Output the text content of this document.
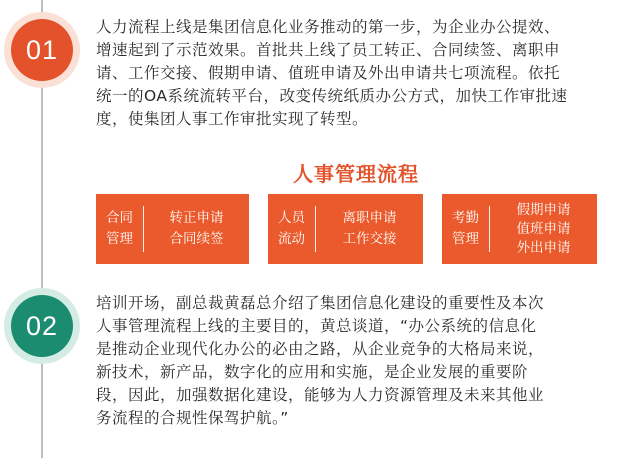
01

人力流程上线是集团信息化业务推动的第一步，为企业办公提效、
增速起到了示范效果。首批共上线了员工转正、合同续签、离职申
请、工作交接、假期申请、值班申请及外出申请共七项流程。依托
统一的OA系统流转平台，改变传统纸质办公方式，加快工作审批速
度，使集团人事工作审批实现了转型。

人事管理流程

合同
管理
转正申请
合同续签
人员
流动
离职申请
工作交接
考勤
管理
假期申请
值班申请
外出申请
02

培训开场，副总裁黄磊总介绍了集团信息化建设的重要性及本次
人事管理流程上线的主要目的，黄总谈道，“办公系统的信息化
是推动企业现代化办公的必由之路，从企业竞争的大格局来说，
新技术，新产品，数字化的应用和实施，是企业发展的重要阶
段，因此，加强数据化建设，能够为人力资源管理及未来其他业
务流程的合规性保驾护航。”
